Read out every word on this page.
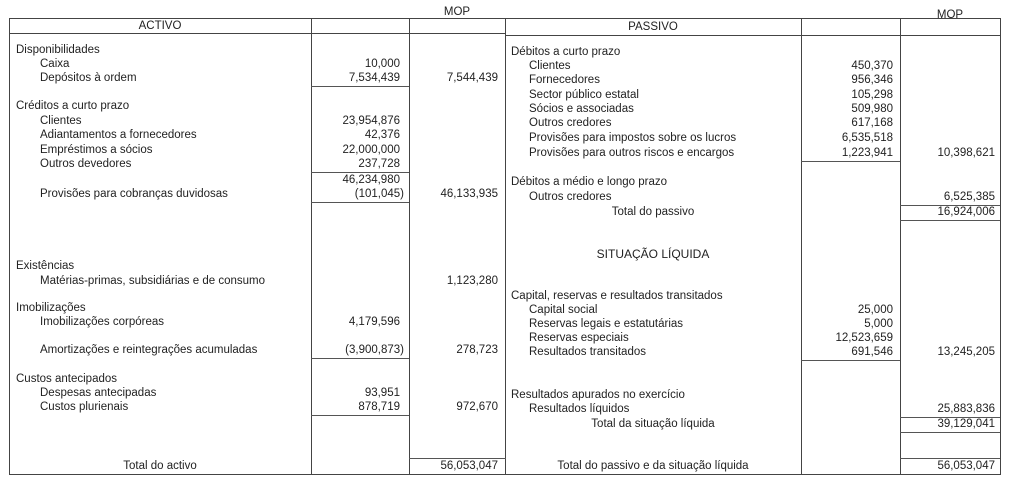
MOP
ACTIVO	PASSIVO
MOP
Disponibilidades
Caixa
Depósitos à ordem
Créditos a curto prazo
Clientes
Adiantamentos a fornecedores
Empréstimos a sócios
Outros devedores
Provisões para cobranças duvidosas
Existências
Matérias-primas, subsidiárias e de consumo
Imobilizações
Imobilizações corpóreas
Amortizações e reintegrações acumuladas
Custos antecipados
Despesas antecipadas
Custos plurienais
Total do activo
10,000
7,534,439
23,954,876
42,376
22,000,000
237,728
46,234,980
(101,045)
4,179,596
(3,900,873)
93,951
878,719
7,544,439
46,133,935
1,123,280
278,723
972,670
56,053,047
Débitos a curto prazo
Clientes
Fornecedores
Sector público estatal
Sócios e associadas
Outros credores
Provisões para impostos sobre os lucros
Provisões para outros riscos e encargos
Débitos a médio e longo prazo
Outros credores
Total do passivo
SITUAÇÃO LÍQUIDA
Capital, reservas e resultados transitados
Capital social
Reservas legais e estatutárias
Reservas especiais
Resultados transitados
Resultados apurados no exercício
Resultados líquidos
Total da situação líquida
Total do passivo e da situação líquida
450,370
956,346
105,298
509,980
617,168
6,535,518
1,223,941
25,000
5,000
12,523,659
691,546
10,398,621
6,525,385
16,924,006
13,245,205
25,883,836
39,129,041
56,053,047
